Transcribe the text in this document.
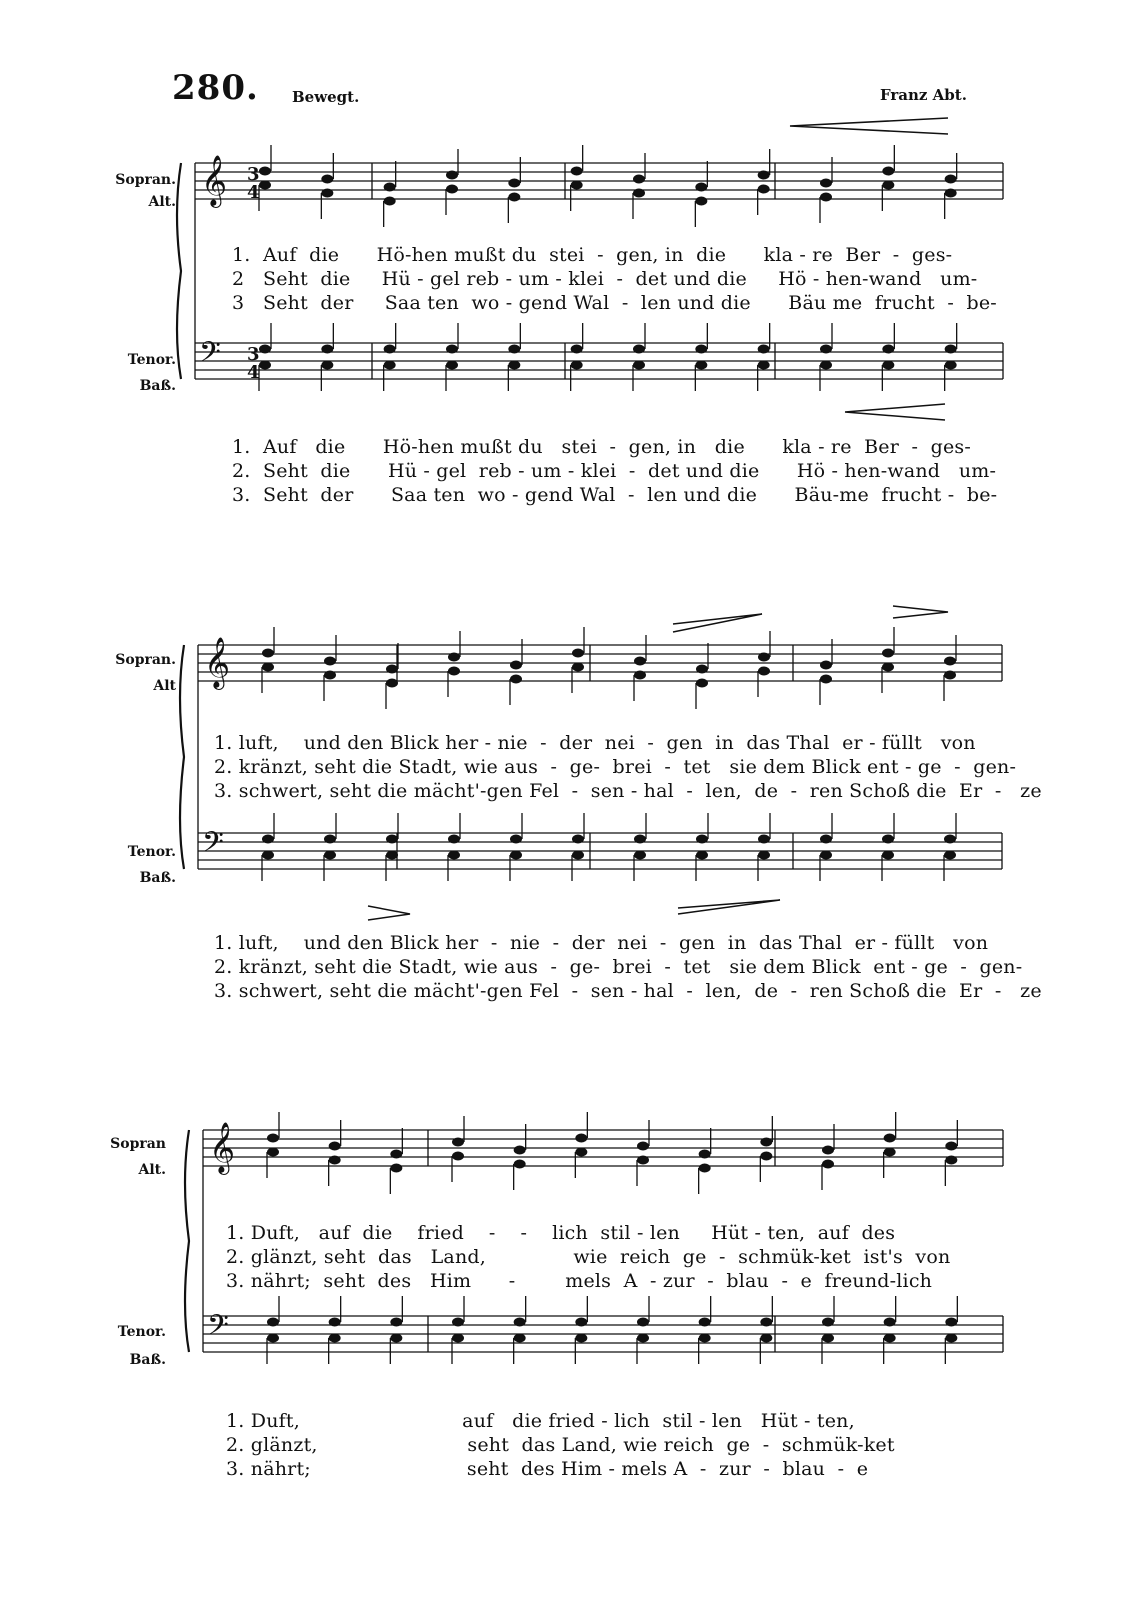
280. Bewegt.	Franz Abt.
𝄞
𝄢
𝄞
𝄢
𝄞
𝄢
3
4
3
4
Sopran.
Alt.
Tenor.
Baß.
1.  Auf  die      Hö-hen mußt du  stei  -  gen, in  die      kla - re  Ber  -  ges-
2   Seht  die     Hü - gel reb - um - klei  -  det und die     Hö - hen-wand   um-
3   Seht  der     Saa ten  wo - gend Wal  -  len und die      Bäu me  frucht  -  be-
1.  Auf   die      Hö-hen mußt du   stei  -  gen, in   die      kla - re  Ber  -  ges-
2.  Seht  die      Hü - gel  reb - um - klei  -  det und die      Hö - hen-wand   um-
3.  Seht  der      Saa ten  wo - gend Wal  -  len und die      Bäu-me  frucht -  be-
Sopran.
Alt
Tenor.
Baß.
1. luft,    und den Blick her - nie  -  der  nei  -  gen  in  das Thal  er - füllt   von
2. kränzt, seht die Stadt, wie aus  -  ge-  brei  -  tet   sie dem Blick ent - ge  -  gen-
3. schwert, seht die mächt'-gen Fel  -  sen - hal  -  len,  de  -  ren Schoß die  Er  -   ze
1. luft,    und den Blick her  -  nie  -  der  nei  -  gen  in  das Thal  er - füllt   von
2. kränzt, seht die Stadt, wie aus  -  ge-  brei  -  tet   sie dem Blick  ent - ge  -  gen-
3. schwert, seht die mächt'-gen Fel  -  sen - hal  -  len,  de  -  ren Schoß die  Er  -   ze
Sopran
Alt.
Tenor.
Baß.
1. Duft,   auf  die    fried    -    -    lich  stil - len     Hüt - ten,  auf  des
2. glänzt, seht  das   Land,              wie  reich  ge  -  schmük-ket  ist's  von
3. nährt;  seht  des   Him      -        mels  A  - zur  -  blau  -  e  freund-lich
1. Duft,                          auf   die fried - lich  stil - len   Hüt - ten,
2. glänzt,                        seht  das Land, wie reich  ge  -  schmük-ket
3. nährt;                         seht  des Him - mels A  -  zur  -  blau  -  e
